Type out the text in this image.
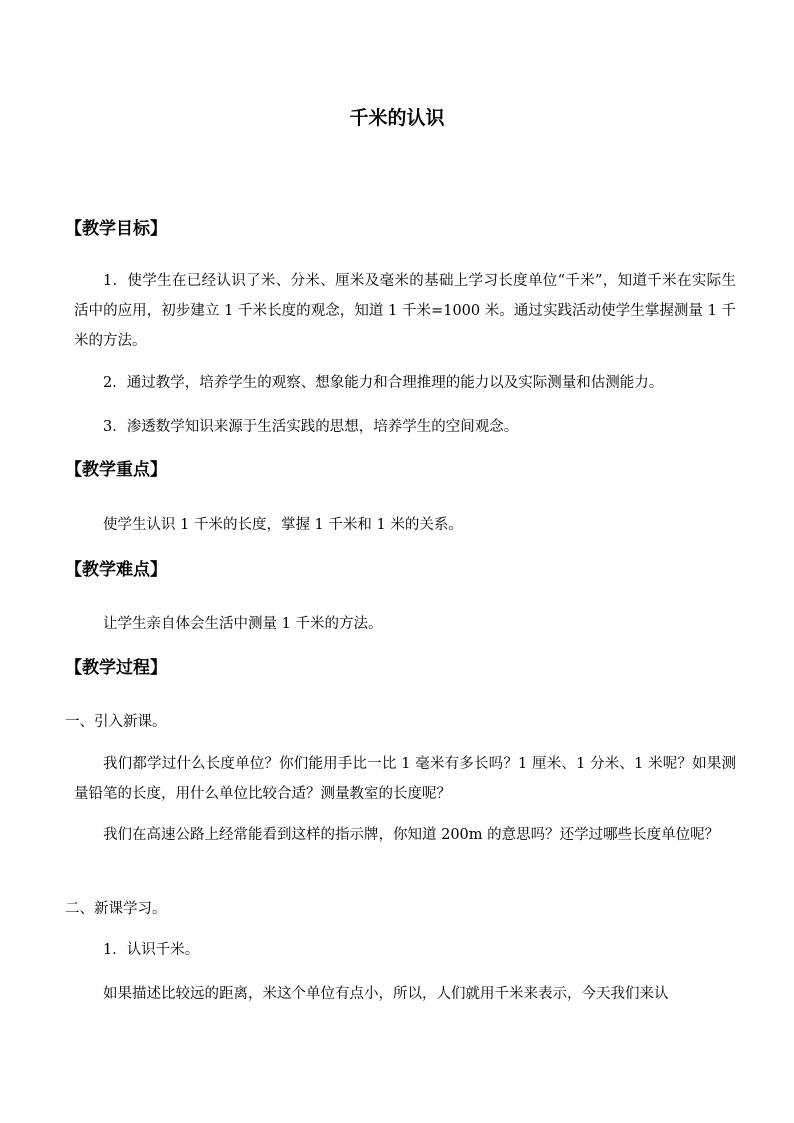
千米的认识
【教学目标】
1．使学生在已经认识了米、分米、厘米及毫米的基础上学习长度单位“千米”，知道千米在实际生活中的应用，初步建立 1 千米长度的观念，知道 1 千米=1000 米。通过实践活动使学生掌握测量 1 千米的方法。
2．通过教学，培养学生的观察、想象能力和合理推理的能力以及实际测量和估测能力。
3．渗透数学知识来源于生活实践的思想，培养学生的空间观念。
【教学重点】
使学生认识 1 千米的长度，掌握 1 千米和 1 米的关系。
【教学难点】
让学生亲自体会生活中测量 1 千米的方法。
【教学过程】
一、引入新课。
我们都学过什么长度单位？你们能用手比一比 1 毫米有多长吗？1 厘米、1 分米、1 米呢？如果测量铅笔的长度，用什么单位比较合适？测量教室的长度呢？
我们在高速公路上经常能看到这样的指示牌，你知道 200m 的意思吗？还学过哪些长度单位呢？
二、新课学习。
1．认识千米。
如果描述比较远的距离，米这个单位有点小，所以，人们就用千米来表示，今天我们来认
